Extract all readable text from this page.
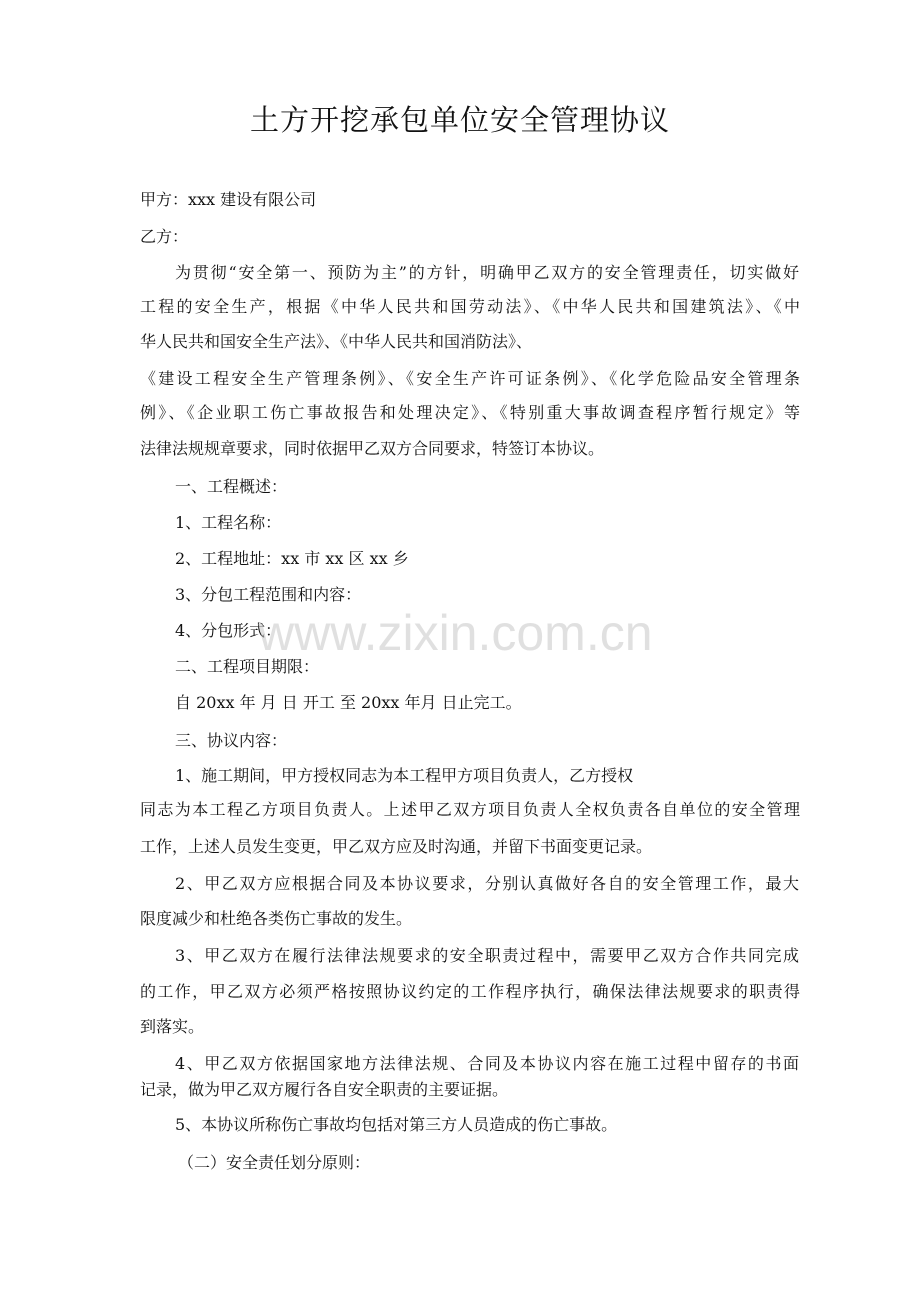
土方开挖承包单位安全管理协议
甲方：xxx 建设有限公司
乙方：
为贯彻“安全第一、预防为主”的方针，明确甲乙双方的安全管理责任，切实做好
工程的安全生产，根据《中华人民共和国劳动法》、《中华人民共和国建筑法》、《中
华人民共和国安全生产法》、《中华人民共和国消防法》、
《建设工程安全生产管理条例》、《安全生产许可证条例》、《化学危险品安全管理条
例》、《企业职工伤亡事故报告和处理决定》、《特别重大事故调查程序暂行规定》等
法律法规规章要求，同时依据甲乙双方合同要求，特签订本协议。
一、工程概述：
1、工程名称：
2、工程地址：xx 市 xx 区 xx 乡
3、分包工程范围和内容：
4、分包形式：
二、工程项目期限：
自 20xx 年 月 日 开工 至 20xx 年月 日止完工。
三、协议内容：
1、施工期间，甲方授权同志为本工程甲方项目负责人，乙方授权
同志为本工程乙方项目负责人。上述甲乙双方项目负责人全权负责各自单位的安全管理
工作，上述人员发生变更，甲乙双方应及时沟通，并留下书面变更记录。
2、甲乙双方应根据合同及本协议要求，分别认真做好各自的安全管理工作，最大
限度减少和杜绝各类伤亡事故的发生。
3、甲乙双方在履行法律法规要求的安全职责过程中，需要甲乙双方合作共同完成
的工作，甲乙双方必须严格按照协议约定的工作程序执行，确保法律法规要求的职责得
到落实。
4、甲乙双方依据国家地方法律法规、合同及本协议内容在施工过程中留存的书面
记录，做为甲乙双方履行各自安全职责的主要证据。
5、本协议所称伤亡事故均包括对第三方人员造成的伤亡事故。
（二）安全责任划分原则：
www.zixin.com.cn
